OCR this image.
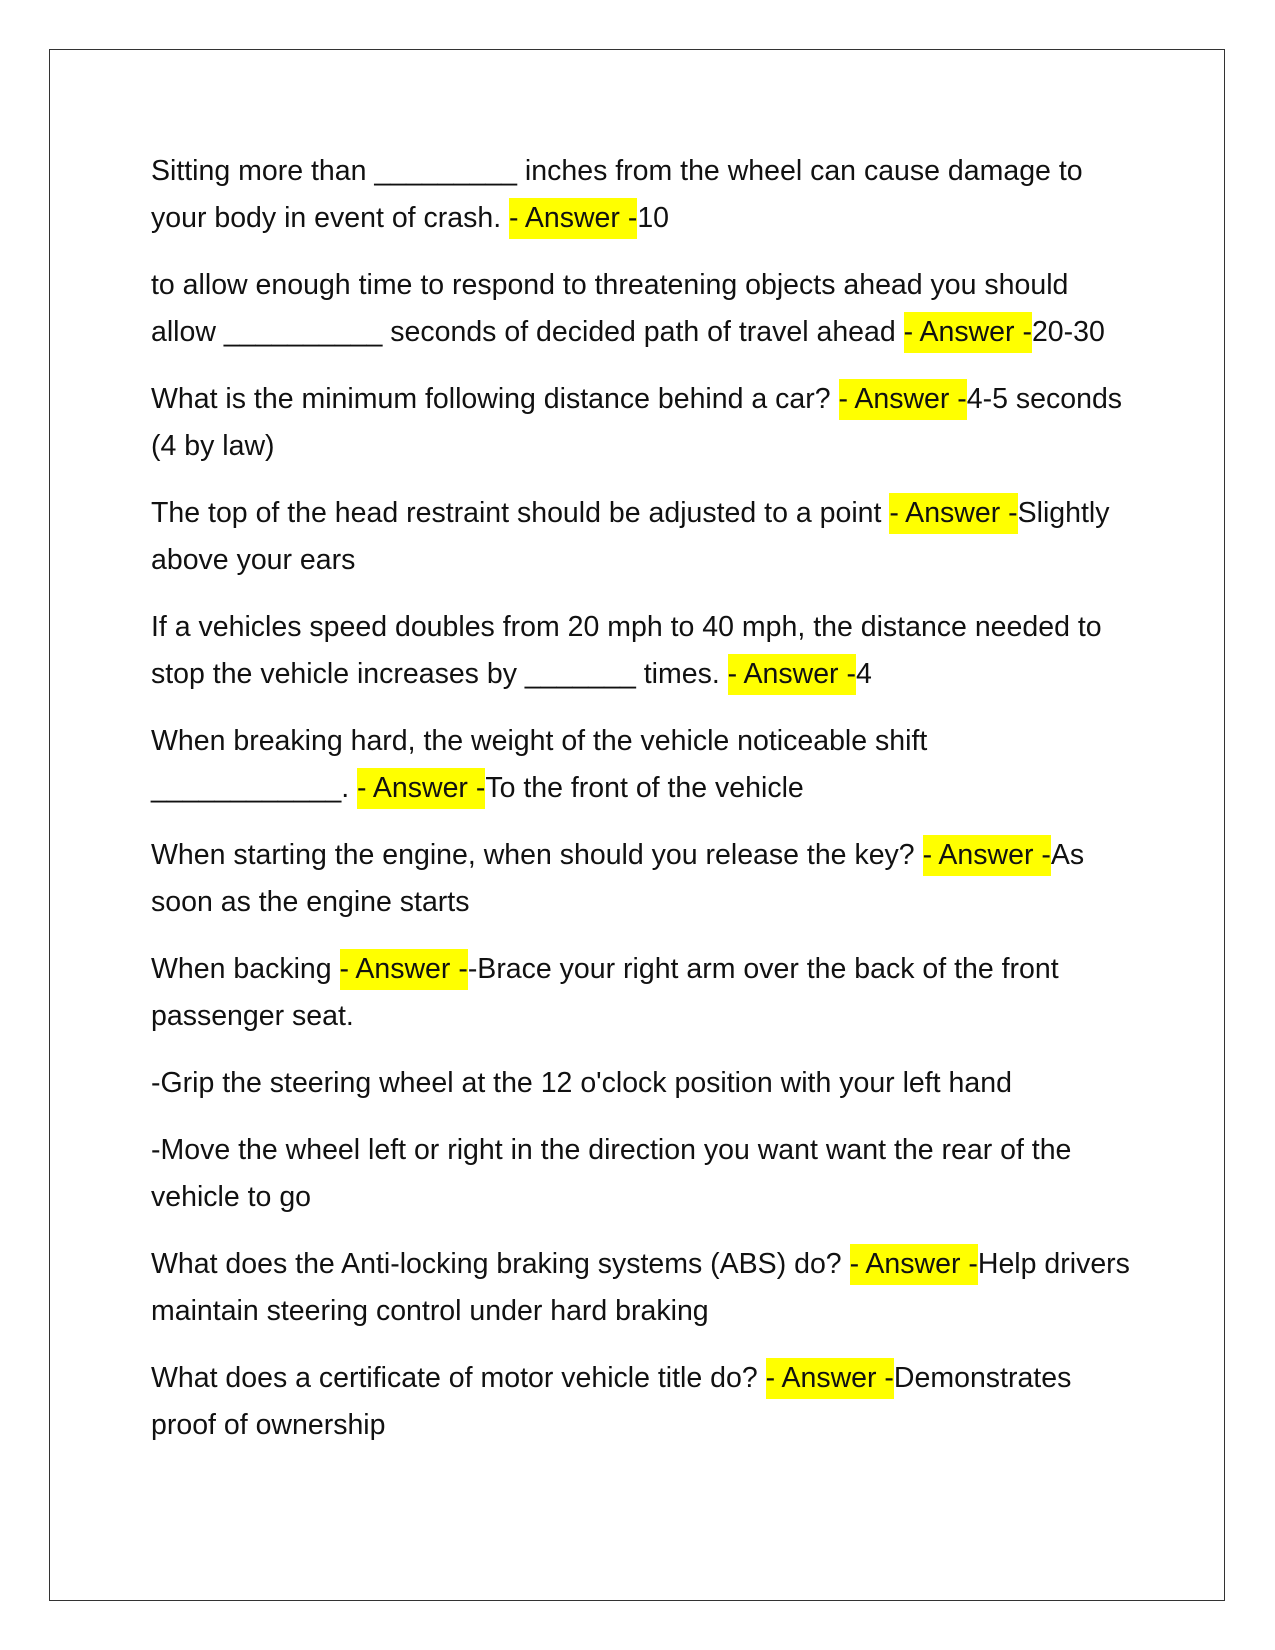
Sitting more than _________ inches from the wheel can cause damage to your body in event of crash. - Answer -10

to allow enough time to respond to threatening objects ahead you should allow __________ seconds of decided path of travel ahead - Answer -20-30

What is the minimum following distance behind a car? - Answer -4-5 seconds (4 by law)

The top of the head restraint should be adjusted to a point - Answer -Slightly above your ears

If a vehicles speed doubles from 20 mph to 40 mph, the distance needed to stop the vehicle increases by _______ times. - Answer -4

When breaking hard, the weight of the vehicle noticeable shift ____________. - Answer -To the front of the vehicle

When starting the engine, when should you release the key? - Answer -As soon as the engine starts

When backing - Answer --Brace your right arm over the back of the front passenger seat.

-Grip the steering wheel at the 12 o'clock position with your left hand

-Move the wheel left or right in the direction you want want the rear of the vehicle to go

What does the Anti-locking braking systems (ABS) do? - Answer -Help drivers maintain steering control under hard braking

What does a certificate of motor vehicle title do? - Answer -Demonstrates proof of ownership
